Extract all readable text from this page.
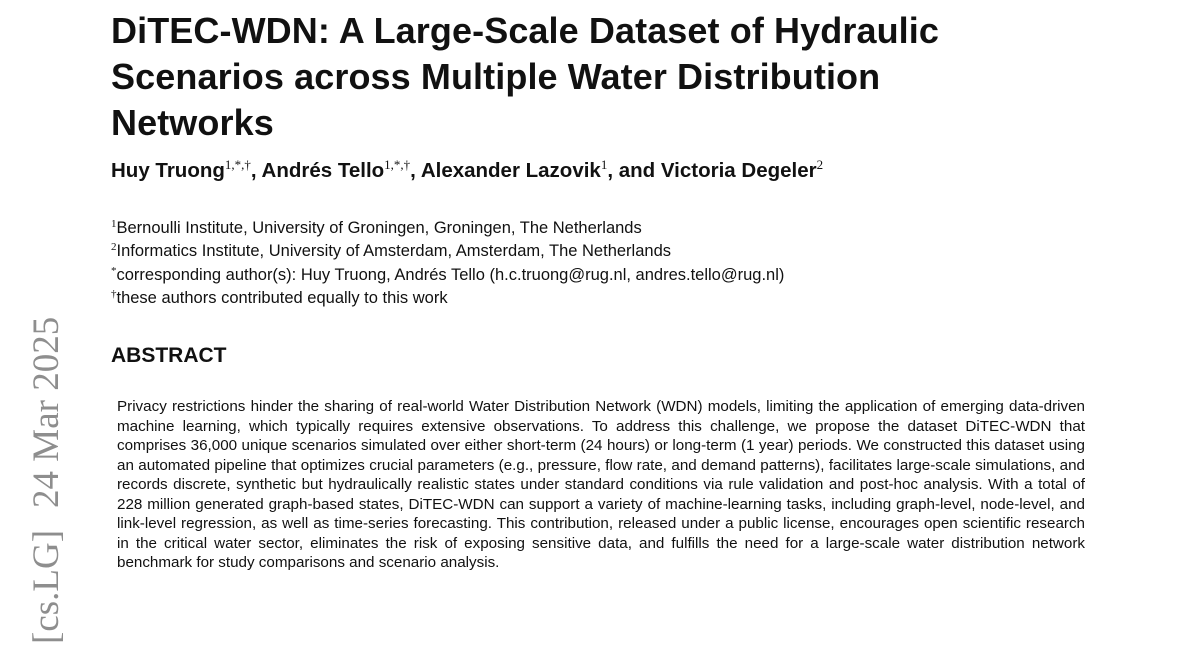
[cs.LG]24 Mar 2025
DiTEC-WDN: A Large-Scale Dataset of Hydraulic
Scenarios across Multiple Water Distribution
Networks
Huy Truong$^{1,*,\dagger}$, Andrés Tello$^{1,*,\dagger}$, Alexander Lazovik$^1$, and Victoria Degeler$^2$
$^1$Bernoulli Institute, University of Groningen, Groningen, The Netherlands
$^2$Informatics Institute, University of Amsterdam, Amsterdam, The Netherlands
*corresponding author(s): Huy Truong, Andrés Tello (h.c.truong@rug.nl, andres.tello@rug.nl)
†these authors contributed equally to this work
ABSTRACT
Privacy restrictions hinder the sharing of real-world Water Distribution Network (WDN) models, limiting the application of emerging data-driven machine learning, which typically requires extensive observations. To address this challenge, we propose the dataset DiTEC-WDN that comprises 36,000 unique scenarios simulated over either short-term (24 hours) or long-term (1 year) periods. We constructed this dataset using an automated pipeline that optimizes crucial parameters (e.g., pressure, flow rate, and demand patterns), facilitates large-scale simulations, and records discrete, synthetic but hydraulically realistic states under standard conditions via rule validation and post-hoc analysis. With a total of 228 million generated graph-based states, DiTEC-WDN can support a variety of machine-learning tasks, including graph-level, node-level, and link-level regression, as well as time-series forecasting. This contribution, released under a public license, encourages open scientific research in the critical water sector, eliminates the risk of exposing sensitive data, and fulfills the need for a large-scale water distribution network benchmark for study comparisons and scenario analysis.
